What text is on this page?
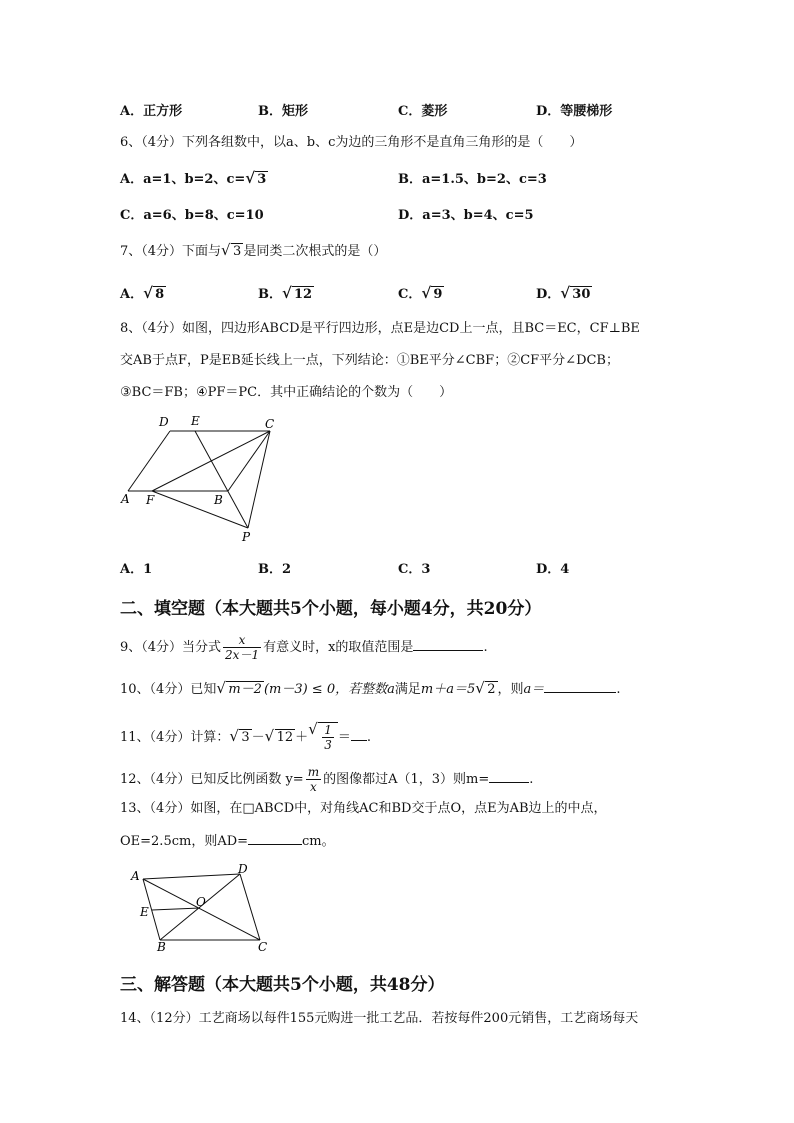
A．正方形	B．矩形	C．菱形	D．等腰梯形
6、（4分）下列各组数中，以a、b、c为边的三角形不是直角三角形的是（　　）
A．a=1、b=2、c= √ 3	B．a=1.5、b=2、c=3
C．a=6、b=8、c=10	D．a=3、b=4、c=5
7、（4分）下面与 √ 3 是同类二次根式的是（）
A． √ 8	B． √ 12	C． √ 9	D． √ 30
8、（4分）如图，四边形ABCD是平行四边形，点E是边CD上一点，且BC＝EC，CF⊥BE
交AB于点F，P是EB延长线上一点，下列结论：①BE平分∠CBF；②CF平分∠DCB；
③BC＝FB；④PF＝PC．其中正确结论的个数为（　　）
D E	C
A F	B
P
A．1	B．2	C．3	D．4
二、填空题（本大题共5个小题，每小题4分，共20分）
9、（4分）当分式 $\frac{x}{2x-1}$ 有意义时，x的取值范围是	.
10、（4分）已知 √ m－2 (m－3) ≤ 0，若整数a满足m＋a＝5 √ 2 ，则a＝	.
11、（4分）计算： √ 3 － √ 12 ＋ √ $\frac{1}{3}$ ＝ .
12、（4分）已知反比例函数 $y= \frac{m}{x}$ 的图像都过A（1，3）则m=	.
13、（4分）如图，在□ABCD中，对角线AC和BD交于点O，点E为AB边上的中点，
OE=2.5cm，则AD=	cm。
A	D
O
E
B	C
三、解答题（本大题共5个小题，共48分）
14、（12分）工艺商场以每件155元购进一批工艺品．若按每件200元销售，工艺商场每天
